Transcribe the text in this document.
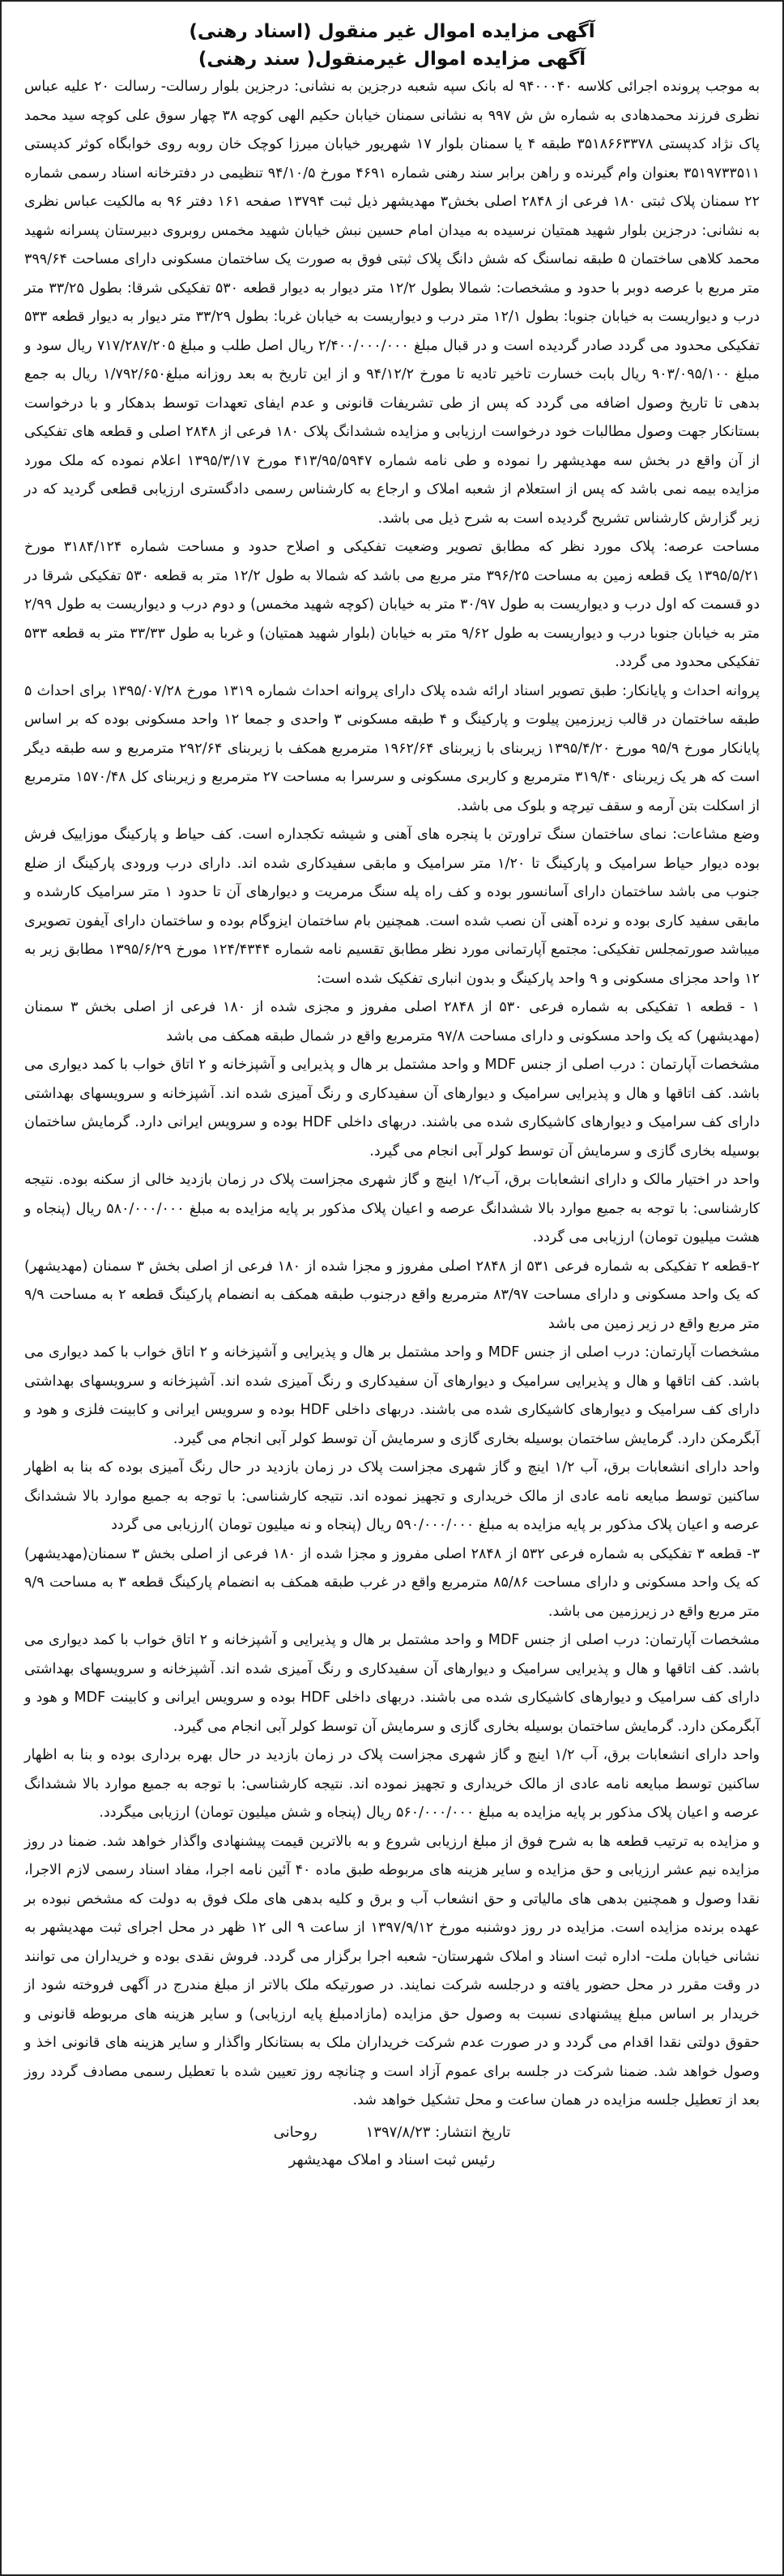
آگهی مزایده اموال غیر منقول (اسناد رهنی)
آگهی مزایده اموال غیرمنقول( سند رهنی)

به موجب پرونده اجرائی کلاسه ۹۴۰۰۰۴۰ له بانک سپه شعبه درجزین به نشانی: درجزین بلوار رسالت- رسالت ۲۰ علیه عباس نظری فرزند محمدهادی به شماره ش ش ۹۹۷ به نشانی سمنان خیابان حکیم الهی کوچه ۳۸ چهار سوق علی کوچه سید محمد پاک نژاد کدپستی ۳۵۱۸۶۶۳۳۷۸ طبقه ۴ یا سمنان بلوار ۱۷ شهریور خیابان میرزا کوچک خان روبه روی خوابگاه کوثر کدپستی ۳۵۱۹۷۳۳۵۱۱ بعنوان وام گیرنده و راهن برابر سند رهنی شماره ۴۶۹۱ مورخ ۹۴/۱۰/۵ تنظیمی در دفترخانه اسناد رسمی شماره ۲۲ سمنان پلاک ثبتی ۱۸۰ فرعی از ۲۸۴۸ اصلی بخش۳ مهدیشهر ذیل ثبت ۱۳۷۹۴ صفحه ۱۶۱ دفتر ۹۶ به مالکیت عباس نظری به نشانی: درجزین بلوار شهید همتیان نرسیده به میدان امام حسین نبش خیابان شهید مخمس روبروی دبیرستان پسرانه شهید محمد کلاهی ساختمان ۵ طبقه نماسنگ که شش دانگ پلاک ثبتی فوق به صورت یک ساختمان مسکونی دارای مساحت ۳۹۹/۶۴ متر مربع با عرصه دوبر با حدود و مشخصات: شمالا بطول ۱۲/۲ متر دیوار به دیوار قطعه ۵۳۰ تفکیکی شرقا: بطول ۳۳/۲۵ متر درب و دیواریست به خیابان جنوبا: بطول ۱۲/۱ متر درب و دیواریست به خیابان غربا: بطول ۳۳/۲۹ متر دیوار به دیوار قطعه ۵۳۳ تفکیکی محدود می گردد صادر گردیده است و در قبال مبلغ ۲/۴۰۰/۰۰۰/۰۰۰ ریال اصل طلب و مبلغ ۷۱۷/۲۸۷/۲۰۵ ریال سود و مبلغ ۹۰۳/۰۹۵/۱۰۰ ریال بابت خسارت تاخیر تادیه تا مورخ ۹۴/۱۲/۲ و از این تاریخ به بعد روزانه مبلغ۱/۷۹۲/۶۵۰ ریال به جمع بدهی تا تاریخ وصول اضافه می گردد که پس از طی تشریفات قانونی و عدم ایفای تعهدات توسط بدهکار و با درخواست بستانکار جهت وصول مطالبات خود درخواست ارزیابی و مزایده ششدانگ پلاک ۱۸۰ فرعی از ۲۸۴۸ اصلی و قطعه های تفکیکی از آن واقع در بخش سه مهدیشهر را نموده و طی نامه شماره ۴۱۳/۹۵/۵۹۴۷ مورخ ۱۳۹۵/۳/۱۷ اعلام نموده که ملک مورد مزایده بیمه نمی باشد که پس از استعلام از شعبه املاک و ارجاع به کارشناس رسمی دادگستری ارزیابی قطعی گردید که در زیر گزارش کارشناس تشریح گردیده است به شرح ذیل می باشد.

مساحت عرصه: پلاک مورد نظر که مطابق تصویر وضعیت تفکیکی و اصلاح حدود و مساحت شماره ۳۱۸۴/۱۲۴ مورخ ۱۳۹۵/۵/۲۱ یک قطعه زمین به مساحت ۳۹۶/۲۵ متر مربع می باشد که شمالا به طول ۱۲/۲ متر به قطعه ۵۳۰ تفکیکی شرقا در دو قسمت که اول درب و دیواریست به طول ۳۰/۹۷ متر به خیابان (کوچه شهید مخمس) و دوم درب و دیواریست به طول ۲/۹۹ متر به خیابان جنوبا درب و دیواریست به طول ۹/۶۲ متر به خیابان (بلوار شهید همتیان) و غربا به طول ۳۳/۳۳ متر به قطعه ۵۳۳ تفکیکی محدود می گردد.

پروانه احداث و پایانکار: طبق تصویر اسناد ارائه شده پلاک دارای پروانه احداث شماره ۱۳۱۹ مورخ ۱۳۹۵/۰۷/۲۸ برای احداث ۵ طبقه ساختمان در قالب زیرزمین پیلوت و پارکینگ و ۴ طبقه مسکونی ۳ واحدی و جمعا ۱۲ واحد مسکونی بوده که بر اساس پایانکار مورخ ۹۵/۹ مورخ ۱۳۹۵/۴/۲۰ زیربنای با زیربنای ۱۹۶۲/۶۴ مترمربع همکف با زیربنای ۲۹۲/۶۴ مترمربع و سه طبقه دیگر است که هر یک زیربنای ۳۱۹/۴۰ مترمربع و کاربری مسکونی و سرسرا به مساحت ۲۷ مترمربع و زیربنای کل ۱۵۷۰/۴۸ مترمربع از اسکلت بتن آرمه و سقف تیرچه و بلوک می باشد.

وضع مشاعات: نمای ساختمان سنگ تراورتن با پنجره های آهنی و شیشه تکجداره است. کف حیاط و پارکینگ موزاییک فرش بوده دیوار حیاط سرامیک و پارکینگ تا ۱/۲۰ متر سرامیک و مابقی سفیدکاری شده اند. دارای درب ورودی پارکینگ از ضلع جنوب می باشد ساختمان دارای آسانسور بوده و کف راه پله سنگ مرمریت و دیوارهای آن تا حدود ۱ متر سرامیک کارشده و مابقی سفید کاری بوده و نرده آهنی آن نصب شده است. همچنین بام ساختمان ایزوگام بوده و ساختمان دارای آیفون تصویری میباشد صورتمجلس تفکیکی: مجتمع آپارتمانی مورد نظر مطابق تقسیم نامه شماره ۱۲۴/۴۳۴۴ مورخ ۱۳۹۵/۶/۲۹ مطابق زیر به ۱۲ واحد مجزای مسکونی و ۹ واحد پارکینگ و بدون انباری تفکیک شده است:

۱ - قطعه ۱ تفکیکی به شماره فرعی ۵۳۰ از ۲۸۴۸ اصلی مفروز و مجزی شده از ۱۸۰ فرعی از اصلی بخش ۳ سمنان (مهدیشهر) که یک واحد مسکونی و دارای مساحت ۹۷/۸ مترمربع واقع در شمال طبقه همکف می باشد

مشخصات آپارتمان : درب اصلی از جنس MDF و واحد مشتمل بر هال و پذیرایی و آشپزخانه و ۲ اتاق خواب با کمد دیواری می باشد. کف اتاقها و هال و پذیرایی سرامیک و دیوارهای آن سفیدکاری و رنگ آمیزی شده اند. آشپزخانه و سرویسهای بهداشتی دارای کف سرامیک و دیوارهای کاشیکاری شده می باشند. دربهای داخلی HDF بوده و سرویس ایرانی دارد. گرمایش ساختمان بوسیله بخاری گازی و سرمایش آن توسط کولر آبی انجام می گیرد.

واحد در اختیار مالک و دارای انشعابات برق، آب۱/۲ اینچ و گاز شهری مجزاست پلاک در زمان بازدید خالی از سکنه بوده. نتیجه کارشناسی: با توجه به جمیع موارد بالا ششدانگ عرصه و اعیان پلاک مذکور بر پایه مزایده به مبلغ ۵۸۰/۰۰۰/۰۰۰ ریال (پنجاه و هشت میلیون تومان) ارزیابی می گردد.

۲-قطعه ۲ تفکیکی به شماره فرعی ۵۳۱ از ۲۸۴۸ اصلی مفروز و مجزا شده از ۱۸۰ فرعی از اصلی بخش ۳ سمنان (مهدیشهر) که یک واحد مسکونی و دارای مساحت ۸۳/۹۷ مترمربع واقع درجنوب طبقه همکف به انضمام پارکینگ قطعه ۲ به مساحت ۹/۹ متر مربع واقع در زیر زمین می باشد

مشخصات آپارتمان: درب اصلی از جنس MDF و واحد مشتمل بر هال و پذیرایی و آشپزخانه و ۲ اتاق خواب با کمد دیواری می باشد. کف اتاقها و هال و پذیرایی سرامیک و دیوارهای آن سفیدکاری و رنگ آمیزی شده اند. آشپزخانه و سرویسهای بهداشتی دارای کف سرامیک و دیوارهای کاشیکاری شده می باشند. دربهای داخلی HDF بوده و سرویس ایرانی و کابینت فلزی و هود و آبگرمکن دارد. گرمایش ساختمان بوسیله بخاری گازی و سرمایش آن توسط کولر آبی انجام می گیرد.

واحد دارای انشعابات برق، آب ۱/۲ اینچ و گاز شهری مجزاست پلاک در زمان بازدید در حال رنگ آمیزی بوده که بنا به اظهار ساکنین توسط مبایعه نامه عادی از مالک خریداری و تجهیز نموده اند. نتیجه کارشناسی: با توجه به جمیع موارد بالا ششدانگ عرصه و اعیان پلاک مذکور بر پایه مزایده به مبلغ ۵۹۰/۰۰۰/۰۰۰ ریال (پنجاه و نه میلیون تومان )ارزیابی می گردد

۳- قطعه ۳ تفکیکی به شماره فرعی ۵۳۲ از ۲۸۴۸ اصلی مفروز و مجزا شده از ۱۸۰ فرعی از اصلی بخش ۳ سمنان(مهدیشهر) که یک واحد مسکونی و دارای مساحت ۸۵/۸۶ مترمربع واقع در غرب طبقه همکف به انضمام پارکینگ قطعه ۳ به مساحت ۹/۹ متر مربع واقع در زیرزمین می باشد.

مشخصات آپارتمان: درب اصلی از جنس MDF و واحد مشتمل بر هال و پذیرایی و آشپزخانه و ۲ اتاق خواب با کمد دیواری می باشد. کف اتاقها و هال و پذیرایی سرامیک و دیوارهای آن سفیدکاری و رنگ آمیزی شده اند. آشپزخانه و سرویسهای بهداشتی دارای کف سرامیک و دیوارهای کاشیکاری شده می باشند. دربهای داخلی HDF بوده و سرویس ایرانی و کابینت MDF و هود و آبگرمکن دارد. گرمایش ساختمان بوسیله بخاری گازی و سرمایش آن توسط کولر آبی انجام می گیرد.

واحد دارای انشعابات برق، آب ۱/۲ اینچ و گاز شهری مجزاست پلاک در زمان بازدید در حال بهره برداری بوده و بنا به اظهار ساکنین توسط مبایعه نامه عادی از مالک خریداری و تجهیز نموده اند. نتیجه کارشناسی: با توجه به جمیع موارد بالا ششدانگ عرصه و اعیان پلاک مذکور بر پایه مزایده به مبلغ ۵۶۰/۰۰۰/۰۰۰ ریال (پنجاه و شش میلیون تومان) ارزیابی میگردد.

و مزایده به ترتیب قطعه ها به شرح فوق از مبلغ ارزیابی شروع و به بالاترین قیمت پیشنهادی واگذار خواهد شد. ضمنا در روز مزایده نیم عشر ارزیابی و حق مزایده و سایر هزینه های مربوطه طبق ماده ۴۰ آئین نامه اجرا، مفاد اسناد رسمی لازم الاجرا، نقدا وصول و همچنین بدهی های مالیاتی و حق انشعاب آب و برق و کلیه بدهی های ملک فوق به دولت که مشخص نبوده بر عهده برنده مزایده است. مزایده در روز دوشنبه مورخ ۱۳۹۷/۹/۱۲ از ساعت ۹ الی ۱۲ ظهر در محل اجرای ثبت مهدیشهر به نشانی خیابان ملت- اداره ثبت اسناد و املاک شهرستان- شعبه اجرا برگزار می گردد. فروش نقدی بوده و خریداران می توانند در وقت مقرر در محل حضور یافته و درجلسه شرکت نمایند. در صورتیکه ملک بالاتر از مبلغ مندرج در آگهی فروخته شود از خریدار بر اساس مبلغ پیشنهادی نسبت به وصول حق مزایده (مازادمبلغ پایه ارزیابی) و سایر هزینه های مربوطه قانونی و حقوق دولتی نقدا اقدام می گردد و در صورت عدم شرکت خریداران ملک به بستانکار واگذار و سایر هزینه های قانونی اخذ و وصول خواهد شد. ضمنا شرکت در جلسه برای عموم آزاد است و چنانچه روز تعیین شده با تعطیل رسمی مصادف گردد روز بعد از تعطیل جلسه مزایده در همان ساعت و محل تشکیل خواهد شد.

تاریخ انتشار: ۱۳۹۷/۸/۲۳
روحانی
رئیس ثبت اسناد و املاک مهدیشهر
